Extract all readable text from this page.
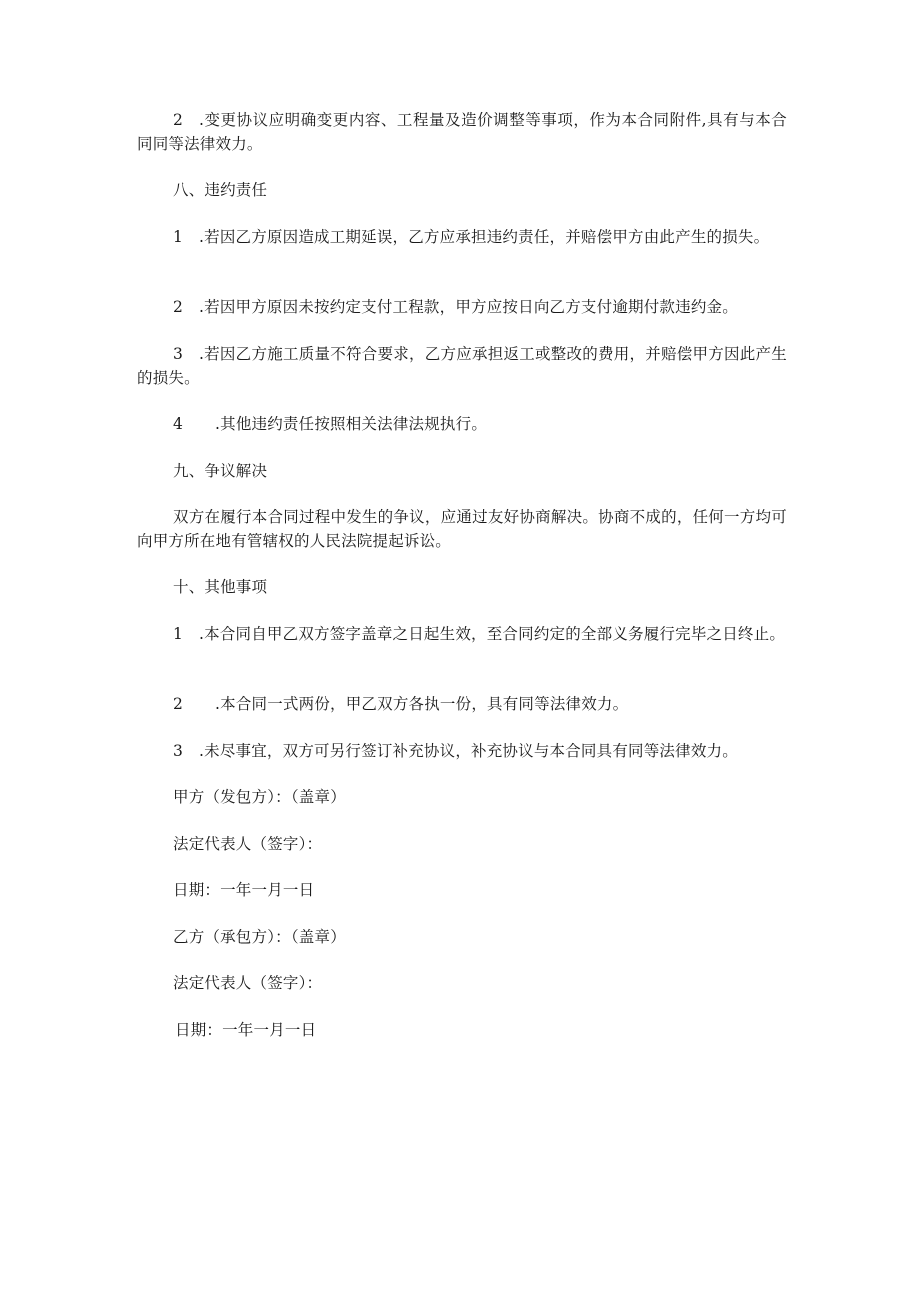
2 .变更协议应明确变更内容、工程量及造价调整等事项，作为本合同附件,具有与本合同同等法律效力。
八、违约责任
1 .若因乙方原因造成工期延误，乙方应承担违约责任，并赔偿甲方由此产生的损失。
2 .若因甲方原因未按约定支付工程款，甲方应按日向乙方支付逾期付款违约金。
3 .若因乙方施工质量不符合要求，乙方应承担返工或整改的费用，并赔偿甲方因此产生的损失。
4 .其他违约责任按照相关法律法规执行。
九、争议解决
双方在履行本合同过程中发生的争议，应通过友好协商解决。协商不成的，任何一方均可向甲方所在地有管辖权的人民法院提起诉讼。
十、其他事项
1 .本合同自甲乙双方签字盖章之日起生效，至合同约定的全部义务履行完毕之日终止。
2 .本合同一式两份，甲乙双方各执一份，具有同等法律效力。
3 .未尽事宜，双方可另行签订补充协议，补充协议与本合同具有同等法律效力。
甲方（发包方）：（盖章）
法定代表人（签字）：
日期：一年一月一日
乙方（承包方）：（盖章）
法定代表人（签字）：
日期：一年一月一日
